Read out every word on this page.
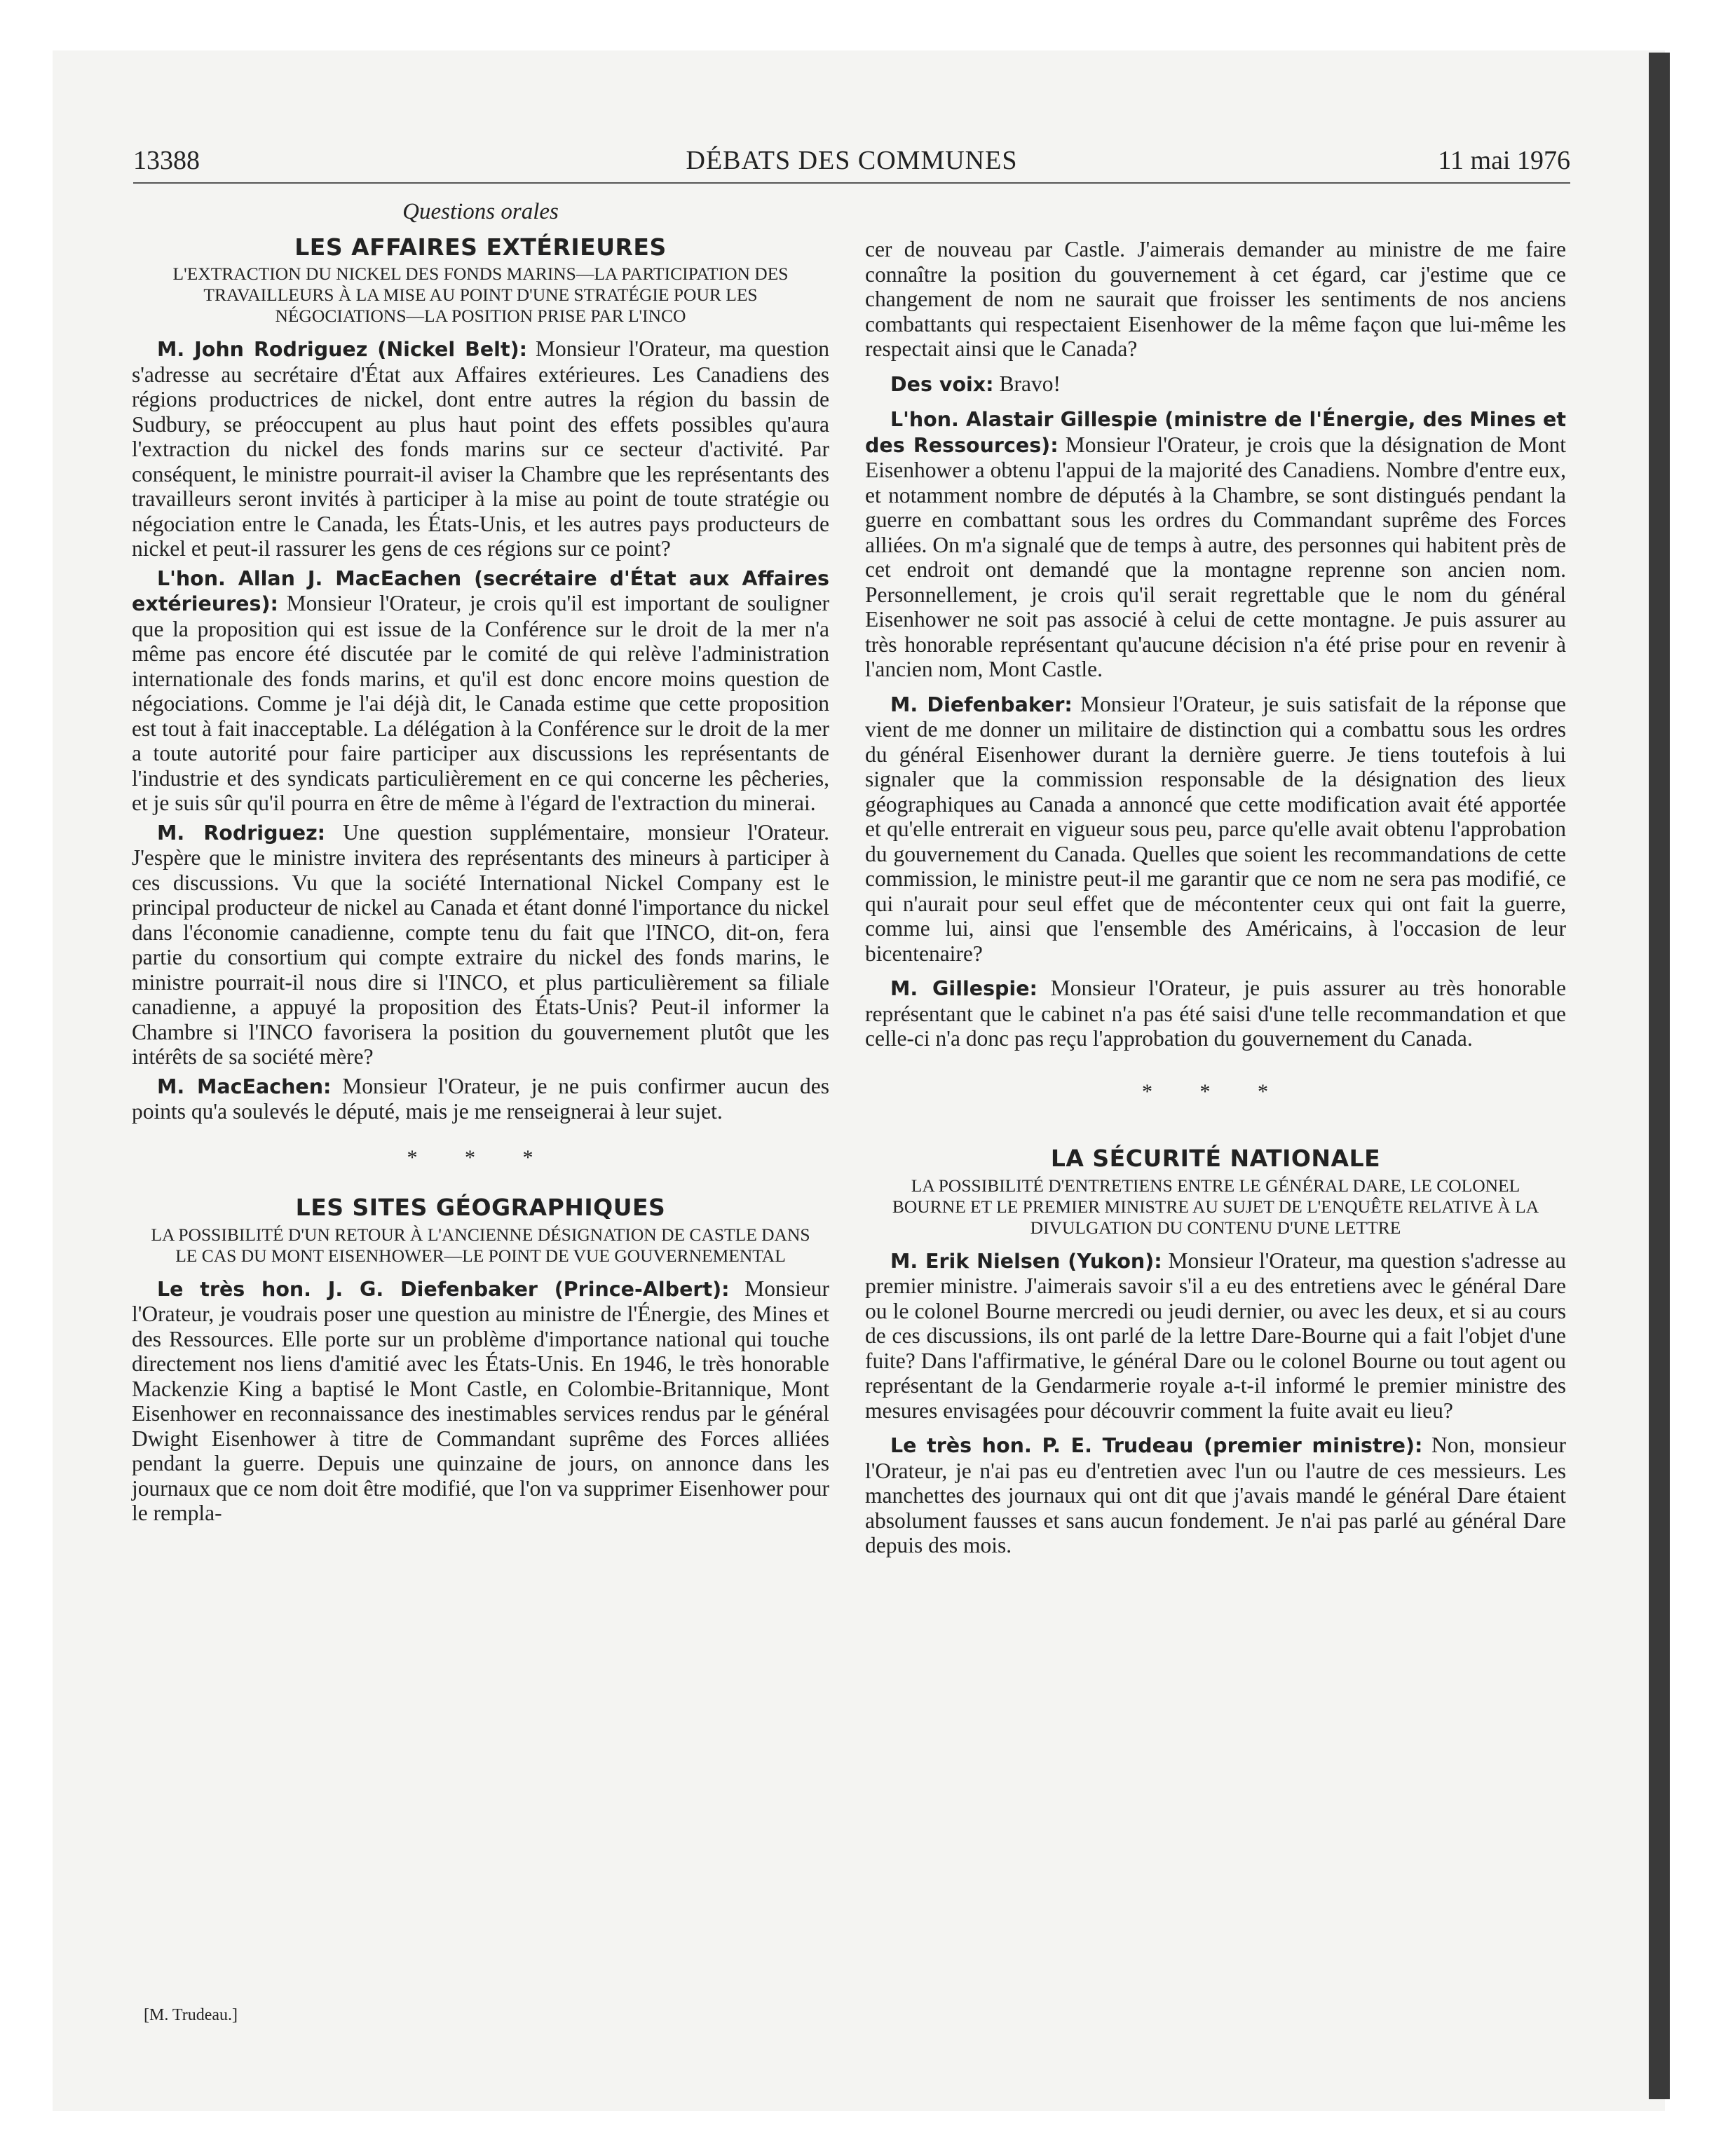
13388	DÉBATS DES COMMUNES	11 mai 1976
Questions orales
LES AFFAIRES EXTÉRIEURES
L'EXTRACTION DU NICKEL DES FONDS MARINS—LA PARTICIPATION DES TRAVAILLEURS À LA MISE AU POINT D'UNE STRATÉGIE POUR LES NÉGOCIATIONS—LA POSITION PRISE PAR L'INCO

M. John Rodriguez (Nickel Belt): Monsieur l'Orateur, ma question s'adresse au secrétaire d'État aux Affaires extérieures. Les Canadiens des régions productrices de nickel, dont entre autres la région du bassin de Sudbury, se préoccupent au plus haut point des effets possibles qu'aura l'extraction du nickel des fonds marins sur ce secteur d'activité. Par conséquent, le ministre pourrait-il aviser la Chambre que les représentants des travailleurs seront invités à participer à la mise au point de toute stratégie ou négociation entre le Canada, les États-Unis, et les autres pays producteurs de nickel et peut-il rassurer les gens de ces régions sur ce point?

L'hon. Allan J. MacEachen (secrétaire d'État aux Affaires extérieures): Monsieur l'Orateur, je crois qu'il est important de souligner que la proposition qui est issue de la Conférence sur le droit de la mer n'a même pas encore été discutée par le comité de qui relève l'administration internationale des fonds marins, et qu'il est donc encore moins question de négociations. Comme je l'ai déjà dit, le Canada estime que cette proposition est tout à fait inacceptable. La délégation à la Conférence sur le droit de la mer a toute autorité pour faire participer aux discussions les représentants de l'industrie et des syndicats particulièrement en ce qui concerne les pêcheries, et je suis sûr qu'il pourra en être de même à l'égard de l'extraction du minerai.

M. Rodriguez: Une question supplémentaire, monsieur l'Orateur. J'espère que le ministre invitera des représentants des mineurs à participer à ces discussions. Vu que la société International Nickel Company est le principal producteur de nickel au Canada et étant donné l'importance du nickel dans l'économie canadienne, compte tenu du fait que l'INCO, dit-on, fera partie du consortium qui compte extraire du nickel des fonds marins, le ministre pourrait-il nous dire si l'INCO, et plus particulièrement sa filiale canadienne, a appuyé la proposition des États-Unis? Peut-il informer la Chambre si l'INCO favorisera la position du gouvernement plutôt que les intérêts de sa société mère?

M. MacEachen: Monsieur l'Orateur, je ne puis confirmer aucun des points qu'a soulevés le député, mais je me renseignerai à leur sujet.

* * *
LES SITES GÉOGRAPHIQUES
LA POSSIBILITÉ D'UN RETOUR À L'ANCIENNE DÉSIGNATION DE CASTLE DANS LE CAS DU MONT EISENHOWER—LE POINT DE VUE GOUVERNEMENTAL

Le très hon. J. G. Diefenbaker (Prince-Albert): Monsieur l'Orateur, je voudrais poser une question au ministre de l'Énergie, des Mines et des Ressources. Elle porte sur un problème d'importance national qui touche directement nos liens d'amitié avec les États-Unis. En 1946, le très honorable Mackenzie King a baptisé le Mont Castle, en Colombie-Britannique, Mont Eisenhower en reconnaissance des inestimables services rendus par le général Dwight Eisenhower à titre de Commandant suprême des Forces alliées pendant la guerre. Depuis une quinzaine de jours, on annonce dans les journaux que ce nom doit être modifié, que l'on va supprimer Eisenhower pour le rempla-

cer de nouveau par Castle. J'aimerais demander au ministre de me faire connaître la position du gouvernement à cet égard, car j'estime que ce changement de nom ne saurait que froisser les sentiments de nos anciens combattants qui respectaient Eisenhower de la même façon que lui-même les respectait ainsi que le Canada?

Des voix: Bravo!

L'hon. Alastair Gillespie (ministre de l'Énergie, des Mines et des Ressources): Monsieur l'Orateur, je crois que la désignation de Mont Eisenhower a obtenu l'appui de la majorité des Canadiens. Nombre d'entre eux, et notamment nombre de députés à la Chambre, se sont distingués pendant la guerre en combattant sous les ordres du Commandant suprême des Forces alliées. On m'a signalé que de temps à autre, des personnes qui habitent près de cet endroit ont demandé que la montagne reprenne son ancien nom. Personnellement, je crois qu'il serait regrettable que le nom du général Eisenhower ne soit pas associé à celui de cette montagne. Je puis assurer au très honorable représentant qu'aucune décision n'a été prise pour en revenir à l'ancien nom, Mont Castle.

M. Diefenbaker: Monsieur l'Orateur, je suis satisfait de la réponse que vient de me donner un militaire de distinction qui a combattu sous les ordres du général Eisenhower durant la dernière guerre. Je tiens toutefois à lui signaler que la commission responsable de la désignation des lieux géographiques au Canada a annoncé que cette modification avait été apportée et qu'elle entrerait en vigueur sous peu, parce qu'elle avait obtenu l'approbation du gouvernement du Canada. Quelles que soient les recommandations de cette commission, le ministre peut-il me garantir que ce nom ne sera pas modifié, ce qui n'aurait pour seul effet que de mécontenter ceux qui ont fait la guerre, comme lui, ainsi que l'ensemble des Américains, à l'occasion de leur bicentenaire?

M. Gillespie: Monsieur l'Orateur, je puis assurer au très honorable représentant que le cabinet n'a pas été saisi d'une telle recommandation et que celle-ci n'a donc pas reçu l'approbation du gouvernement du Canada.

* * *
LA SÉCURITÉ NATIONALE
LA POSSIBILITÉ D'ENTRETIENS ENTRE LE GÉNÉRAL DARE, LE COLONEL BOURNE ET LE PREMIER MINISTRE AU SUJET DE L'ENQUÊTE RELATIVE À LA DIVULGATION DU CONTENU D'UNE LETTRE

M. Erik Nielsen (Yukon): Monsieur l'Orateur, ma question s'adresse au premier ministre. J'aimerais savoir s'il a eu des entretiens avec le général Dare ou le colonel Bourne mercredi ou jeudi dernier, ou avec les deux, et si au cours de ces discussions, ils ont parlé de la lettre Dare-Bourne qui a fait l'objet d'une fuite? Dans l'affirmative, le général Dare ou le colonel Bourne ou tout agent ou représentant de la Gendarmerie royale a-t-il informé le premier ministre des mesures envisagées pour découvrir comment la fuite avait eu lieu?

Le très hon. P. E. Trudeau (premier ministre): Non, monsieur l'Orateur, je n'ai pas eu d'entretien avec l'un ou l'autre de ces messieurs. Les manchettes des journaux qui ont dit que j'avais mandé le général Dare étaient absolument fausses et sans aucun fondement. Je n'ai pas parlé au général Dare depuis des mois.

[M. Trudeau.]
